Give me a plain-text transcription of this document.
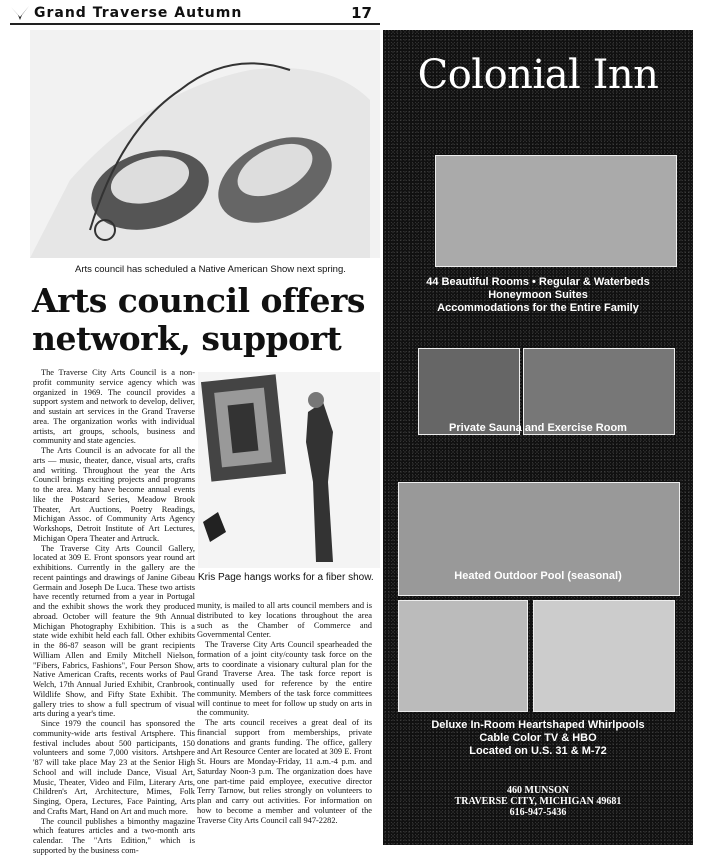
Grand Traverse Autumn	17
Arts council has scheduled a Native American Show next spring.
Arts council offers network, support

The Traverse City Arts Council is a non-profit community service agency which was organized in 1969. The council provides a support system and network to develop, deliver, and sustain art services in the Grand Traverse area. The organization works with individual artists, art groups, schools, business and community and state agencies.

The Arts Council is an advocate for all the arts — music, theater, dance, visual arts, crafts and writing. Throughout the year the Arts Council brings exciting projects and programs to the area. Many have become annual events like the Postcard Series, Meadow Brook Theater, Art Auctions, Poetry Readings, Michigan Assoc. of Community Arts Agency Workshops, Detroit Institute of Art Lectures, Michigan Opera Theater and Artruck.

The Traverse City Arts Council Gallery, located at 309 E. Front sponsors year round art exhibitions. Currently in the gallery are the recent paintings and drawings of Janine Gibeau Germain and Joseph De Luca. These two artists have recently returned from a year in Portugal and the exhibit shows the work they produced abroad. October will feature the 9th Annual Michigan Photography Exhibition. This is a state wide exhibit held each fall. Other exhibits in the 86-87 season will be grant recipients William Allen and Emily Mitchell Nielson, "Fibers, Fabrics, Fashions", Four Person Show, Native American Crafts, recents works of Paul Welch, 17th Annual Juried Exhibit, Cranbrook, Wildlife Show, and Fifty State Exhibit. The gallery tries to show a full spectrum of visual arts during a year's time.

Since 1979 the council has sponsored the community-wide arts festival Artsphere. This festival includes about 500 participants, 150 volunteers and some 7,000 visitors. Artshpere '87 will take place May 23 at the Senior High School and will include Dance, Visual Art, Music, Theater, Video and Film, Literary Arts, Children's Art, Architecture, Mimes, Folk Singing, Opera, Lectures, Face Painting, Arts and Crafts Mart, Hand on Art and much more.

The council publishes a bimonthy magazine which features articles and a two-month arts calendar. The "Arts Edition," which is supported by the business com-

Kris Page hangs works for a fiber show.

munity, is mailed to all arts council members and is distributed to key locations throughout the area such as the Chamber of Commerce and Governmental Center.

The Traverse City Arts Council spearheaded the formation of a joint city/county task force on the arts to coordinate a visionary cultural plan for the Grand Traverse Area. The task force report is continually used for reference by the entire community. Members of the task force committees will continue to meet for follow up study on arts in the community.

The arts council receives a great deal of its financial support from memberships, private donations and grants funding. The office, gallery and Art Resource Center are located at 309 E. Front St. Hours are Monday-Friday, 11 a.m.-4 p.m. and Saturday Noon-3 p.m. The organization does have one part-time paid employee, executive director Terry Tarnow, but relies strongly on volunteers to plan and carry out activities. For information on how to become a member and volunteer of the Traverse City Arts Council call 947-2282.

Colonial Inn
44 Beautiful Rooms • Regular & Waterbeds
Honeymoon Suites
Accommodations for the Entire Family
Private Sauna and Exercise Room
Heated Outdoor Pool (seasonal)
Deluxe In-Room Heartshaped Whirlpools
Cable Color TV & HBO
Located on U.S. 31 & M-72
460 MUNSON
TRAVERSE CITY, MICHIGAN 49681
616-947-5436
